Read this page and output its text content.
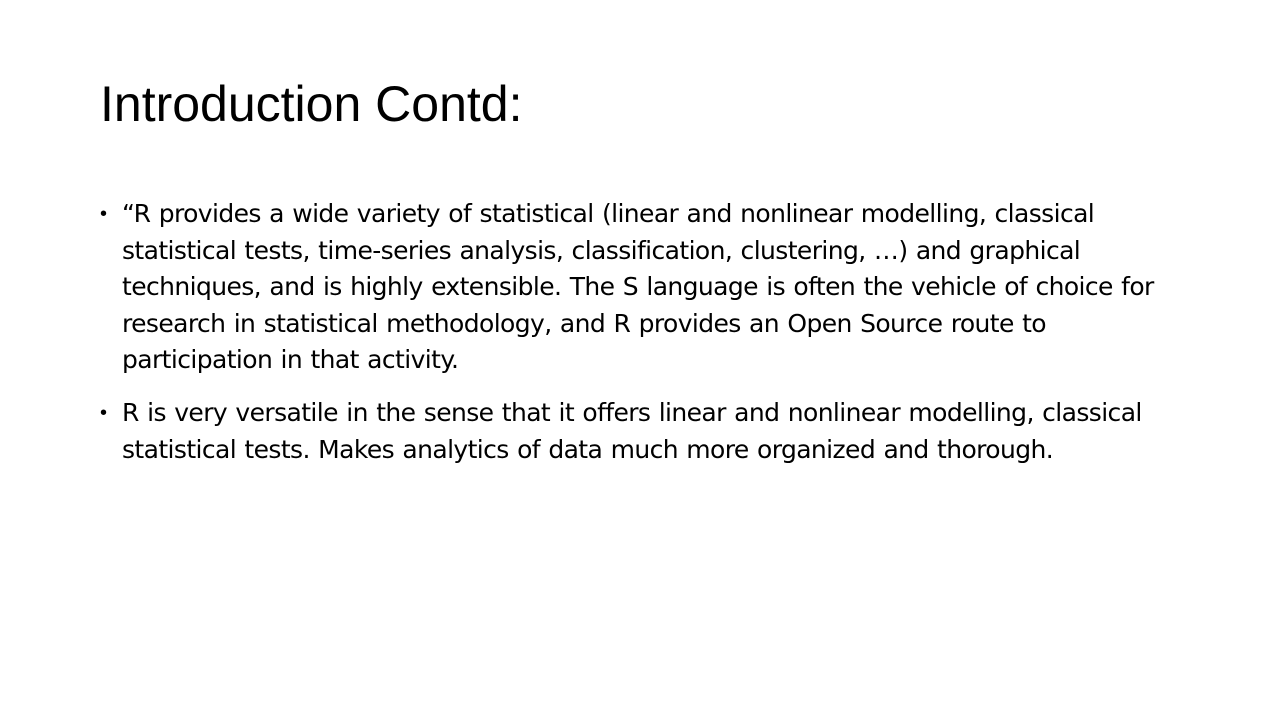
Introduction Contd:
• “R provides a wide variety of statistical (linear and nonlinear modelling, classical statistical tests, time-series analysis, classification, clustering, …) and graphical techniques, and is highly extensible. The S language is often the vehicle of choice for research in statistical methodology, and R provides an Open Source route to participation in that activity.
• R is very versatile in the sense that it offers linear and nonlinear modelling, classical statistical tests. Makes analytics of data much more organized and thorough.
